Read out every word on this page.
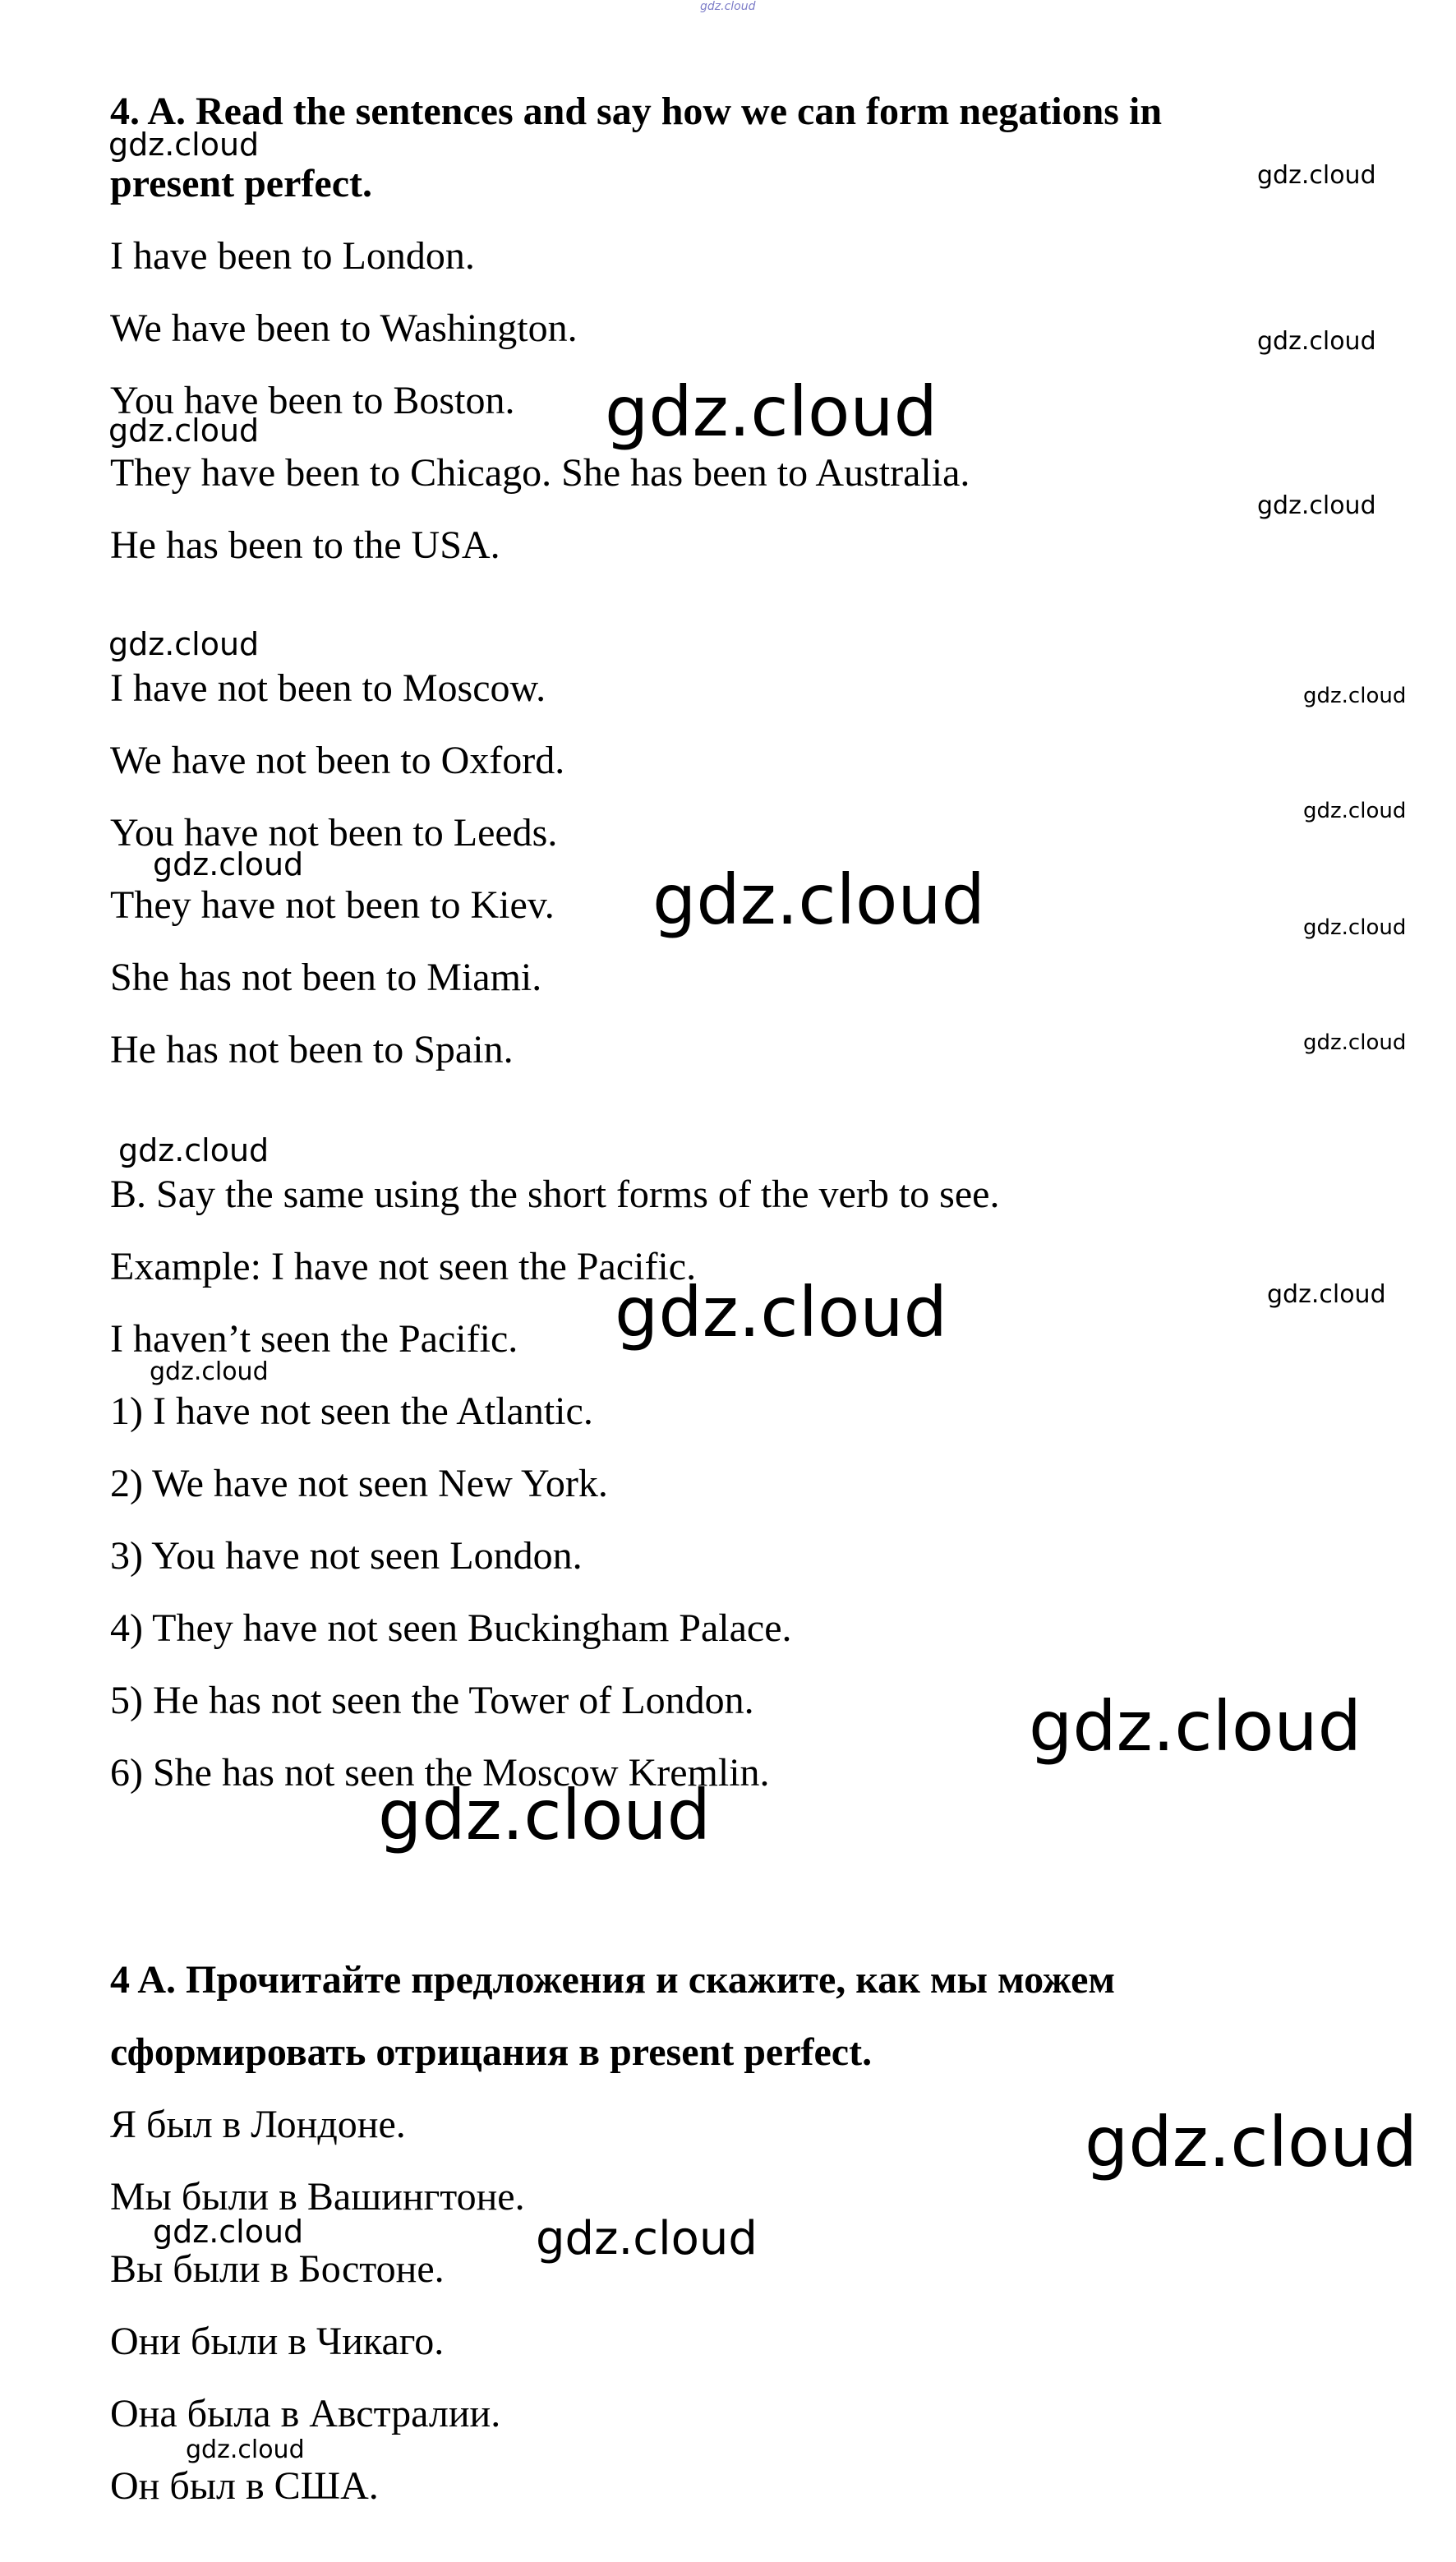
gdz.cloud

4. A. Read the sentences and say how we can form negations in

present perfect.

I have been to London.

We have been to Washington.

You have been to Boston.

They have been to Chicago. She has been to Australia.

He has been to the USA.

I have not been to Moscow.

We have not been to Oxford.

You have not been to Leeds.

They have not been to Kiev.

She has not been to Miami.

He has not been to Spain.

B. Say the same using the short forms of the verb to see.

Example: I have not seen the Pacific.

I haven’t seen the Pacific.

1) I have not seen the Atlantic.

2) We have not seen New York.

3) You have not seen London.

4) They have not seen Buckingham Palace.

5) He has not seen the Tower of London.

6) She has not seen the Moscow Kremlin.

4 A. Прочитайте предложения и скажите, как мы можем

сформировать отрицания в present perfect.

Я был в Лондоне.

Мы были в Вашингтоне.

Вы были в Бостоне.

Они были в Чикаго.

Она была в Австралии.

Он был в США.

gdz.cloud
gdz.cloud
gdz.cloud
gdz.cloud
gdz.cloud
gdz.cloud
gdz.cloud
gdz.cloud
gdz.cloud
gdz.cloud	gdz.cloud	gdz.cloud
gdz.cloud
gdz.cloud
gdz.cloud
gdz.cloud
gdz.cloud
gdz.cloud
gdz.cloud
gdz.cloud
gdz.cloud	gdz.cloud
gdz.cloud
